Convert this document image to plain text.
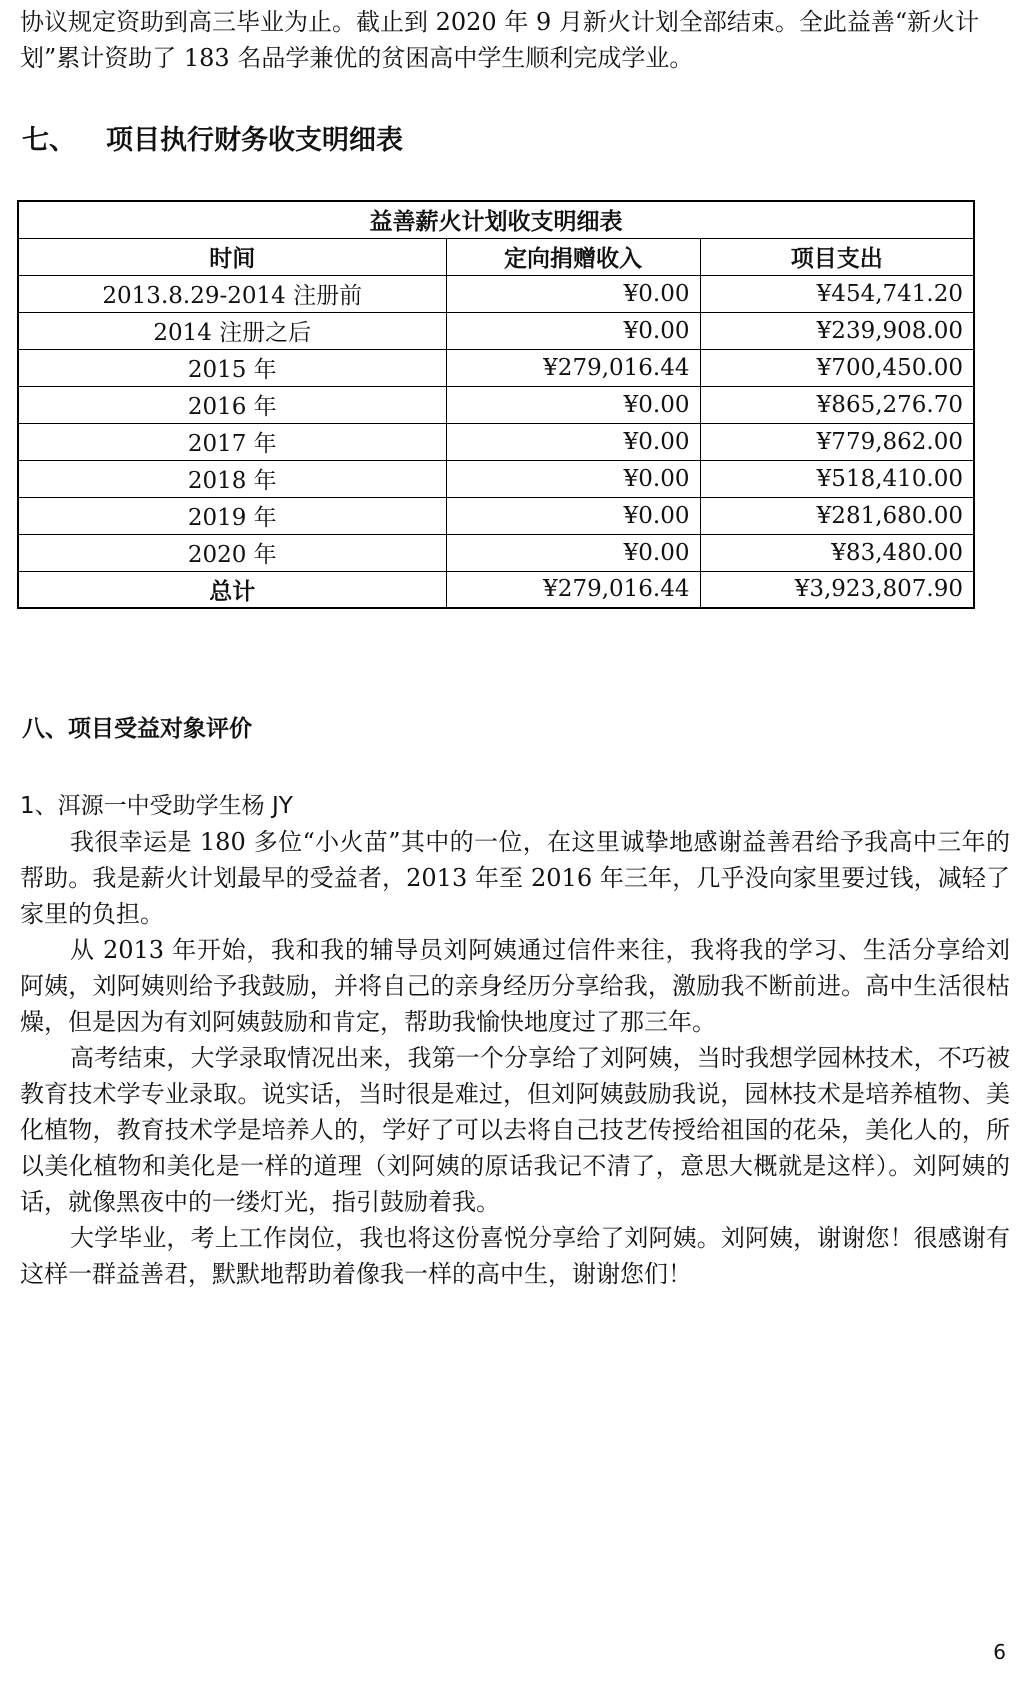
协议规定资助到高三毕业为止。截止到 2020 年 9 月新火计划全部结束。全此益善“新火计
划”累计资助了 183 名品学兼优的贫困高中学生顺利完成学业。
七、 项目执行财务收支明细表
益善薪火计划收支明细表		
时间	定向捐赠收入	项目支出
2013.8.29-2014 注册前	¥0.00	¥454,741.20
2014 注册之后	¥0.00	¥239,908.00
2015 年	¥279,016.44	¥700,450.00
2016 年	¥0.00	¥865,276.70
2017 年	¥0.00	¥779,862.00
2018 年	¥0.00	¥518,410.00
2019 年	¥0.00	¥281,680.00
2020 年	¥0.00	¥83,480.00
总计	¥279,016.44	¥3,923,807.90
八、项目受益对象评价
1、洱源一中受助学生杨 JY

我很幸运是 180 多位“小火苗”其中的一位，在这里诚挚地感谢益善君给予我高中三年的帮助。我是薪火计划最早的受益者，2013 年至 2016 年三年，几乎没向家里要过钱，减轻了家里的负担。

从 2013 年开始，我和我的辅导员刘阿姨通过信件来往，我将我的学习、生活分享给刘阿姨，刘阿姨则给予我鼓励，并将自己的亲身经历分享给我，激励我不断前进。高中生活很枯燥，但是因为有刘阿姨鼓励和肯定，帮助我愉快地度过了那三年。

高考结束，大学录取情况出来，我第一个分享给了刘阿姨，当时我想学园林技术，不巧被教育技术学专业录取。说实话，当时很是难过，但刘阿姨鼓励我说，园林技术是培养植物、美化植物，教育技术学是培养人的，学好了可以去将自己技艺传授给祖国的花朵，美化人的，所以美化植物和美化是一样的道理（刘阿姨的原话我记不清了，意思大概就是这样）。刘阿姨的话，就像黑夜中的一缕灯光，指引鼓励着我。

大学毕业，考上工作岗位，我也将这份喜悦分享给了刘阿姨。刘阿姨，谢谢您！很感谢有这样一群益善君，默默地帮助着像我一样的高中生，谢谢您们！

6
